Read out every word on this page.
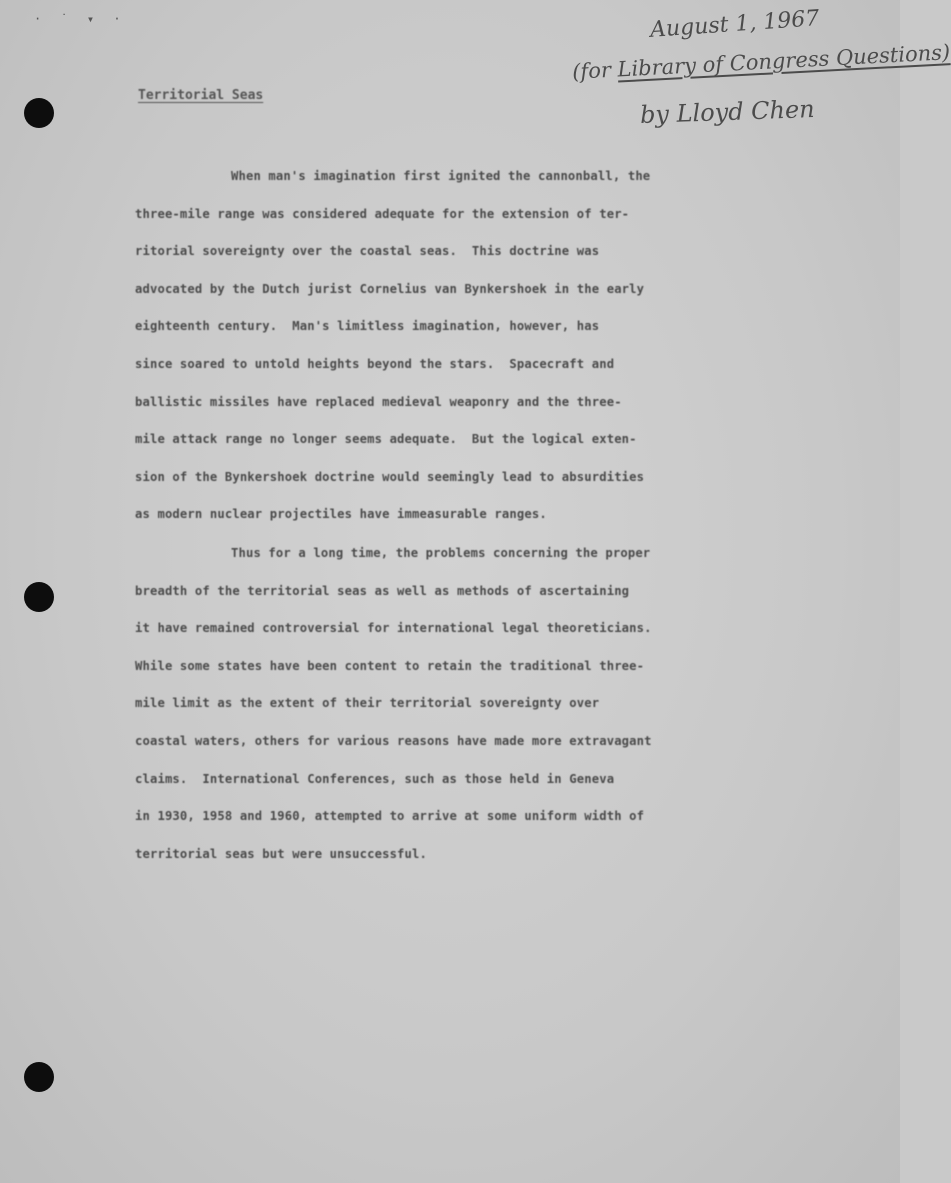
· ˙ ▾ ·	August 1, 1967
(for Library of Congress Questions)
by Lloyd Chen
Territorial Seas
When man's imagination first ignited the cannonball, the
three-mile range was considered adequate for the extension of ter-
ritorial sovereignty over the coastal seas.  This doctrine was
advocated by the Dutch jurist Cornelius van Bynkershoek in the early
eighteenth century.  Man's limitless imagination, however, has
since soared to untold heights beyond the stars.  Spacecraft and
ballistic missiles have replaced medieval weaponry and the three-
mile attack range no longer seems adequate.  But the logical exten-
sion of the Bynkershoek doctrine would seemingly lead to absurdities
as modern nuclear projectiles have immeasurable ranges.
Thus for a long time, the problems concerning the proper
breadth of the territorial seas as well as methods of ascertaining
it have remained controversial for international legal theoreticians.
While some states have been content to retain the traditional three-
mile limit as the extent of their territorial sovereignty over
coastal waters, others for various reasons have made more extravagant
claims.  International Conferences, such as those held in Geneva
in 1930, 1958 and 1960, attempted to arrive at some uniform width of
territorial seas but were unsuccessful.
